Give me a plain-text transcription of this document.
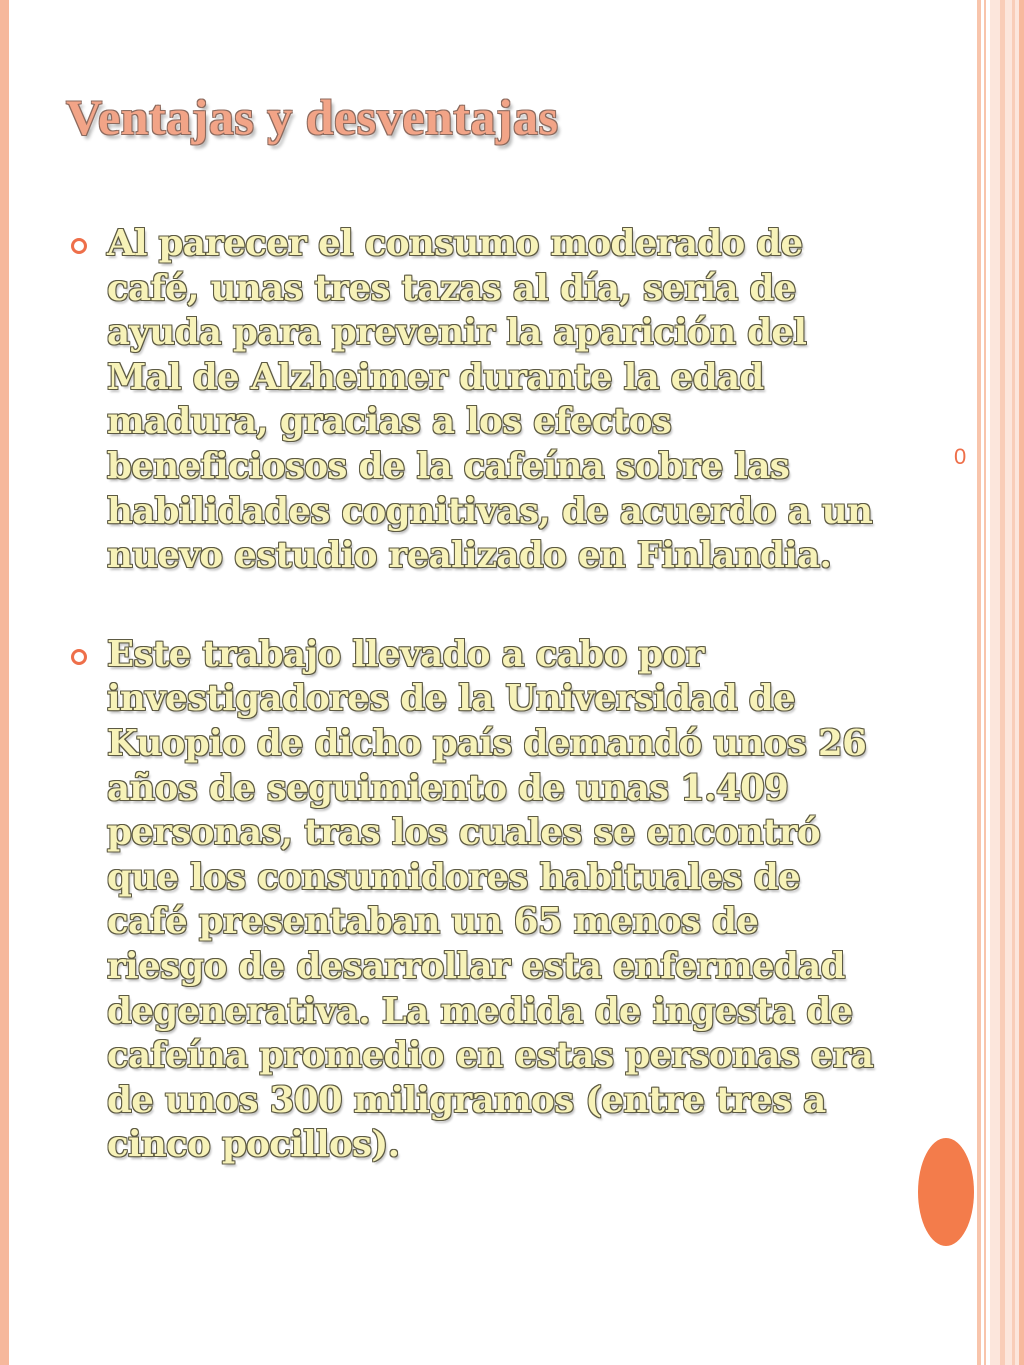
Ventajas y desventajas

Al parecer el consumo moderado de café, unas tres tazas al día, sería de ayuda para prevenir la aparición del Mal de Alzheimer durante la edad madura, gracias a los efectos beneficiosos de la cafeína sobre las habilidades cognitivas, de acuerdo a un nuevo estudio realizado en Finlandia.

Este trabajo llevado a cabo por investigadores de la Universidad de Kuopio de dicho país demandó unos 26 años de seguimiento de unas 1.409 personas, tras los cuales se encontró que los consumidores habituales de café presentaban un 65 menos de riesgo de desarrollar esta enfermedad degenerativa. La medida de ingesta de cafeína promedio en estas personas era de unos 300 miligramos (entre tres a cinco pocillos).

0
